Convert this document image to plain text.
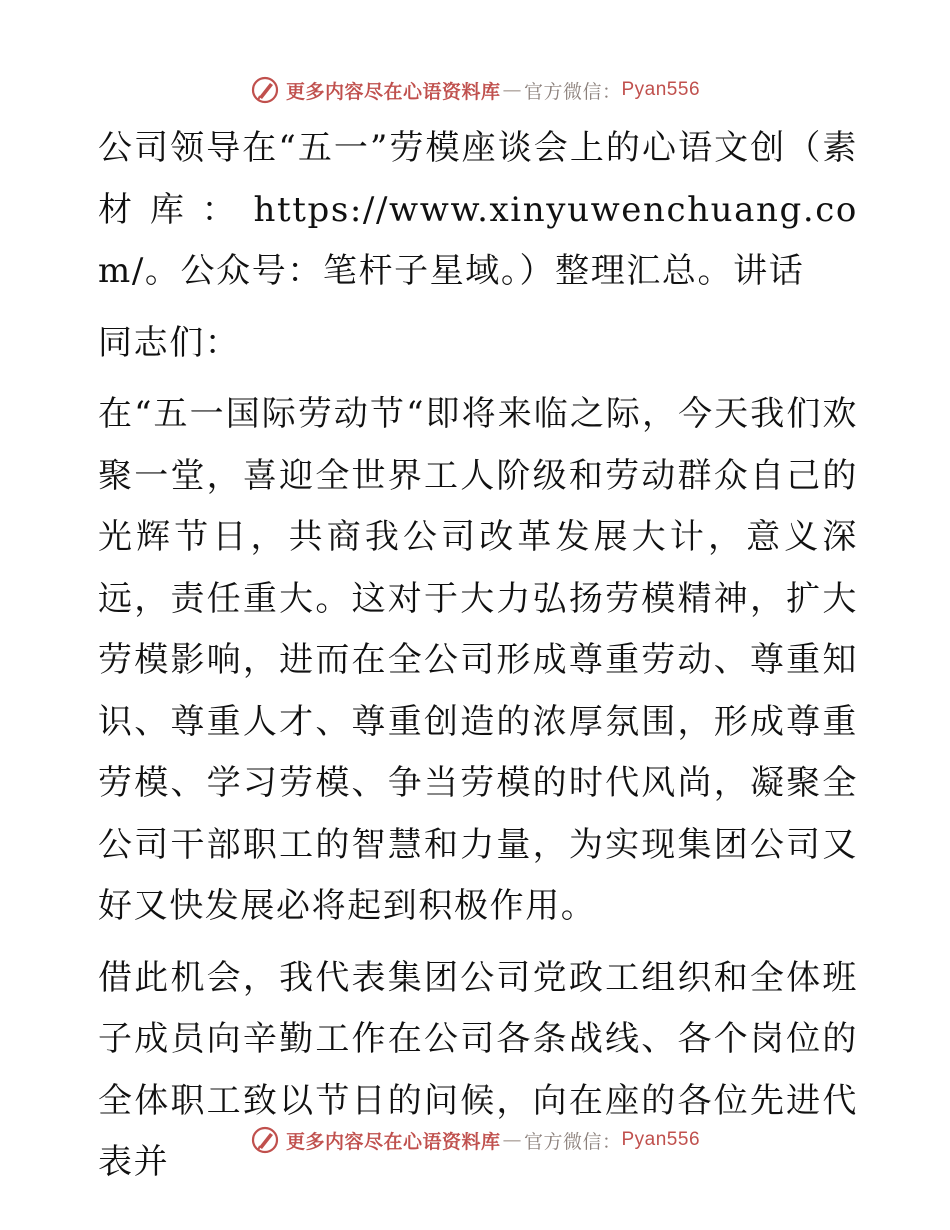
更多内容尽在心语资料库 — 官方微信： Pyan556

公司领导在“五一”劳模座谈会上的心语文创（素材库：https://www.xinyuwenchuang.com/。公众号：笔杆子星域。）整理汇总。讲话

同志们：

在“五一国际劳动节“即将来临之际，今天我们欢聚一堂，喜迎全世界工人阶级和劳动群众自己的光辉节日，共商我公司改革发展大计，意义深远，责任重大。这对于大力弘扬劳模精神，扩大劳模影响，进而在全公司形成尊重劳动、尊重知识、尊重人才、尊重创造的浓厚氛围，形成尊重劳模、学习劳模、争当劳模的时代风尚，凝聚全公司干部职工的智慧和力量，为实现集团公司又好又快发展必将起到积极作用。

借此机会，我代表集团公司党政工组织和全体班子成员向辛勤工作在公司各条战线、各个岗位的全体职工致以节日的问候，向在座的各位先进代表并

更多内容尽在心语资料库 — 官方微信： Pyan556
